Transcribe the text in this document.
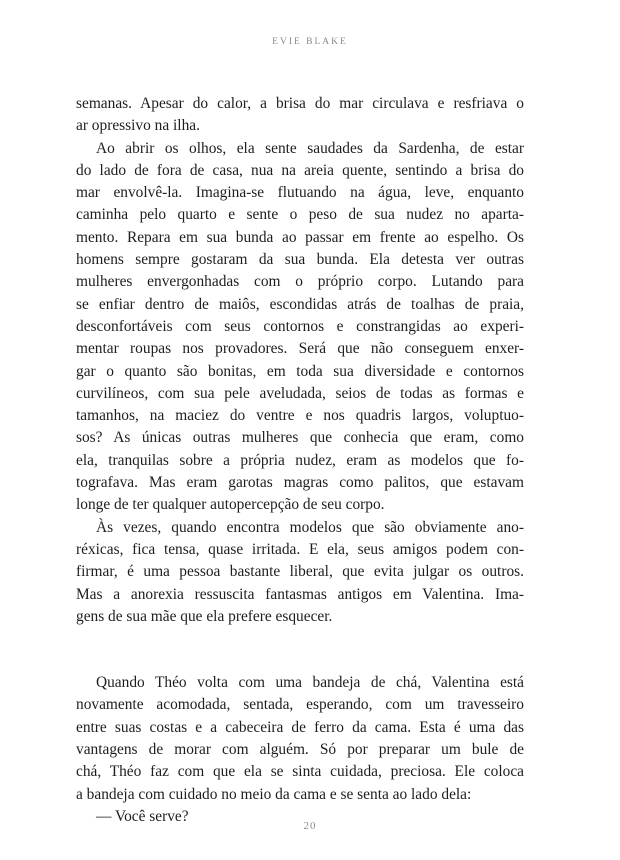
EVIE BLAKE

semanas. Apesar do calor, a brisa do mar circulava e resfriava o
ar opressivo na ilha.

Ao abrir os olhos, ela sente saudades da Sardenha, de estar
do lado de fora de casa, nua na areia quente, sentindo a brisa do
mar envolvê-la. Imagina-se flutuando na água, leve, enquanto
caminha pelo quarto e sente o peso de sua nudez no aparta-
mento. Repara em sua bunda ao passar em frente ao espelho. Os
homens sempre gostaram da sua bunda. Ela detesta ver outras
mulheres envergonhadas com o próprio corpo. Lutando para
se enfiar dentro de maiôs, escondidas atrás de toalhas de praia,
desconfortáveis com seus contornos e constrangidas ao experi-
mentar roupas nos provadores. Será que não conseguem enxer-
gar o quanto são bonitas, em toda sua diversidade e contornos
curvilíneos, com sua pele aveludada, seios de todas as formas e
tamanhos, na maciez do ventre e nos quadris largos, voluptuo-
sos? As únicas outras mulheres que conhecia que eram, como
ela, tranquilas sobre a própria nudez, eram as modelos que fo-
tografava. Mas eram garotas magras como palitos, que estavam
longe de ter qualquer autopercepção de seu corpo.

Às vezes, quando encontra modelos que são obviamente ano-
réxicas, fica tensa, quase irritada. E ela, seus amigos podem con-
firmar, é uma pessoa bastante liberal, que evita julgar os outros.
Mas a anorexia ressuscita fantasmas antigos em Valentina. Ima-
gens de sua mãe que ela prefere esquecer.

Quando Théo volta com uma bandeja de chá, Valentina está
novamente acomodada, sentada, esperando, com um travesseiro
entre suas costas e a cabeceira de ferro da cama. Esta é uma das
vantagens de morar com alguém. Só por preparar um bule de
chá, Théo faz com que ela se sinta cuidada, preciosa. Ele coloca
a bandeja com cuidado no meio da cama e se senta ao lado dela:

— Você serve?

20
